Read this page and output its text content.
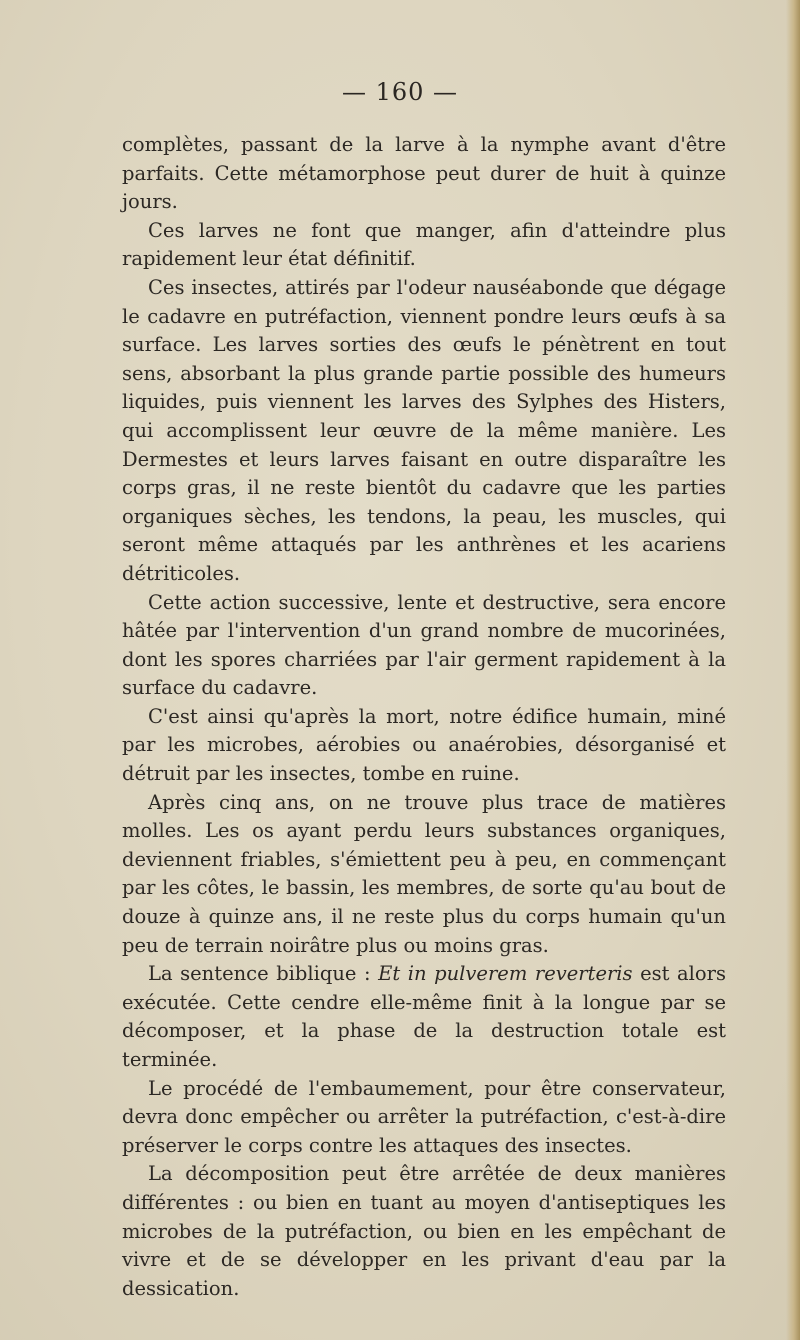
— 160 —

complètes, passant de la larve à la nymphe avant d'être parfaits. Cette métamorphose peut durer de huit à quinze jours.

Ces larves ne font que manger, afin d'atteindre plus rapidement leur état définitif.

Ces insectes, attirés par l'odeur nauséabonde que dégage le cadavre en putréfaction, viennent pondre leurs œufs à sa surface. Les larves sorties des œufs le pénètrent en tout sens, absorbant la plus grande partie possible des humeurs liquides, puis viennent les larves des Sylphes des Histers, qui accomplissent leur œuvre de la même manière. Les Dermestes et leurs larves faisant en outre disparaître les corps gras, il ne reste bientôt du cadavre que les parties organiques sèches, les tendons, la peau, les muscles, qui seront même attaqués par les anthrènes et les acariens détriticoles.

Cette action successive, lente et destructive, sera encore hâtée par l'intervention d'un grand nombre de mucorinées, dont les spores charriées par l'air germent rapidement à la surface du cadavre.

C'est ainsi qu'après la mort, notre édifice humain, miné par les microbes, aérobies ou anaérobies, désorganisé et détruit par les insectes, tombe en ruine.

Après cinq ans, on ne trouve plus trace de matières molles. Les os ayant perdu leurs substances organiques, deviennent friables, s'émiettent peu à peu, en commençant par les côtes, le bassin, les membres, de sorte qu'au bout de douze à quinze ans, il ne reste plus du corps humain qu'un peu de terrain noirâtre plus ou moins gras.

La sentence biblique : Et in pulverem reverteris est alors exécutée. Cette cendre elle-même finit à la longue par se décomposer, et la phase de la destruction totale est terminée.

Le procédé de l'embaumement, pour être conservateur, devra donc empêcher ou arrêter la putréfaction, c'est-à-dire préserver le corps contre les attaques des insectes.

La décomposition peut être arrêtée de deux manières différentes : ou bien en tuant au moyen d'antiseptiques les microbes de la putréfaction, ou bien en les empêchant de vivre et de se développer en les privant d'eau par la dessication.
